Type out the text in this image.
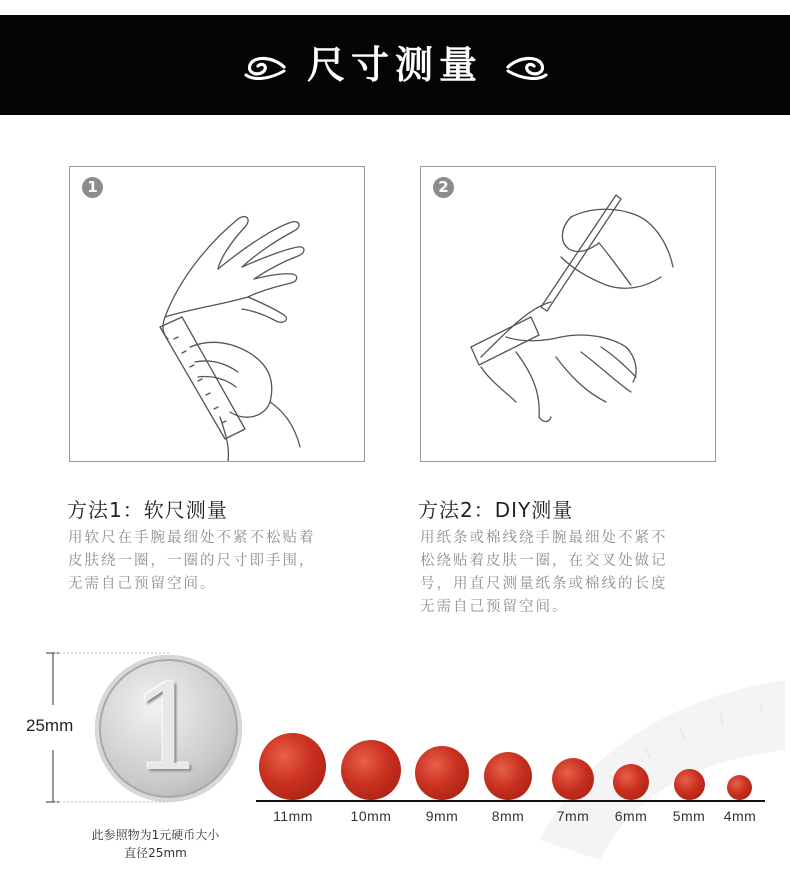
尺寸测量
1	2
方法1：软尺测量
用软尺在手腕最细处不紧不松贴着
皮肤绕一圈，一圈的尺寸即手围，
无需自己预留空间。
方法2：DIY测量
用纸条或棉线绕手腕最细处不紧不
松绕贴着皮肤一圈，在交叉处做记
号，用直尺测量纸条或棉线的长度
无需自己预留空间。
25mm 1
此参照物为1元硬币大小
直径25mm
11mm	10mm	9mm	8mm	7mm	6mm	5mm	4mm
